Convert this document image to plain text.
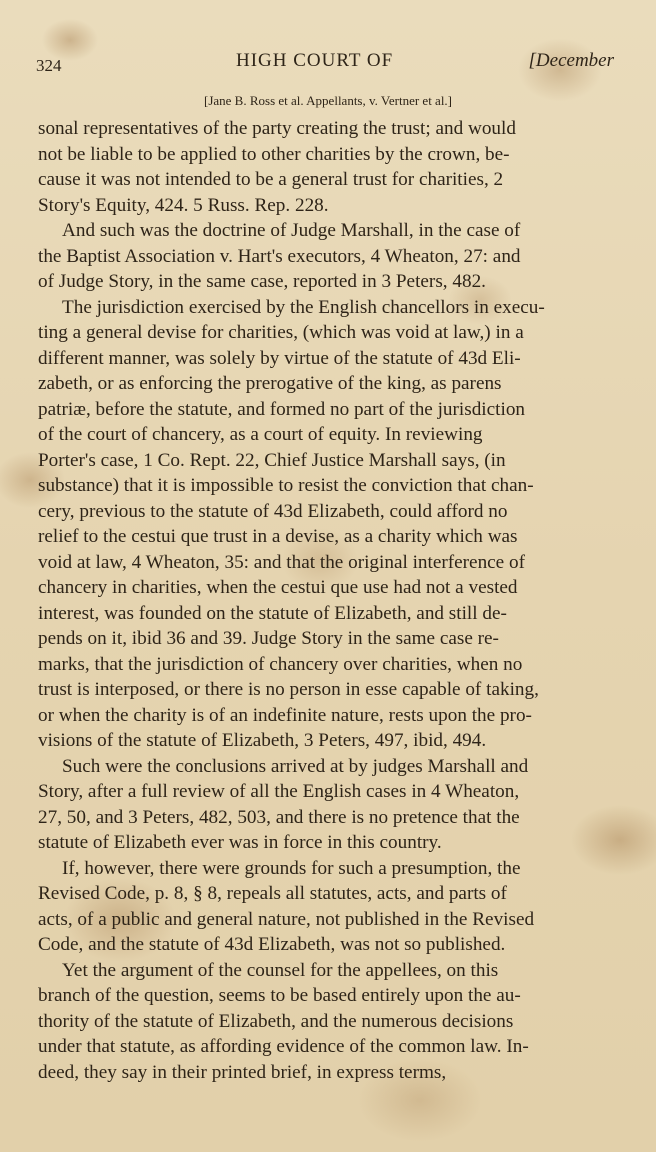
324	HIGH COURT OF	[December
[Jane B. Ross et al. Appellants, v. Vertner et al.]
sonal representatives of the party creating the trust; and would
not be liable to be applied to other charities by the crown, be-
cause it was not intended to be a general trust for charities, 2
Story's Equity, 424. 5 Russ. Rep. 228.
And such was the doctrine of Judge Marshall, in the case of
the Baptist Association v. Hart's executors, 4 Wheaton, 27: and
of Judge Story, in the same case, reported in 3 Peters, 482.
The jurisdiction exercised by the English chancellors in execu-
ting a general devise for charities, (which was void at law,) in a
different manner, was solely by virtue of the statute of 43d Eli-
zabeth, or as enforcing the prerogative of the king, as parens
patriæ, before the statute, and formed no part of the jurisdiction
of the court of chancery, as a court of equity. In reviewing
Porter's case, 1 Co. Rept. 22, Chief Justice Marshall says, (in
substance) that it is impossible to resist the conviction that chan-
cery, previous to the statute of 43d Elizabeth, could afford no
relief to the cestui que trust in a devise, as a charity which was
void at law, 4 Wheaton, 35: and that the original interference of
chancery in charities, when the cestui que use had not a vested
interest, was founded on the statute of Elizabeth, and still de-
pends on it, ibid 36 and 39. Judge Story in the same case re-
marks, that the jurisdiction of chancery over charities, when no
trust is interposed, or there is no person in esse capable of taking,
or when the charity is of an indefinite nature, rests upon the pro-
visions of the statute of Elizabeth, 3 Peters, 497, ibid, 494.
Such were the conclusions arrived at by judges Marshall and
Story, after a full review of all the English cases in 4 Wheaton,
27, 50, and 3 Peters, 482, 503, and there is no pretence that the
statute of Elizabeth ever was in force in this country.
If, however, there were grounds for such a presumption, the
Revised Code, p. 8, § 8, repeals all statutes, acts, and parts of
acts, of a public and general nature, not published in the Revised
Code, and the statute of 43d Elizabeth, was not so published.
Yet the argument of the counsel for the appellees, on this
branch of the question, seems to be based entirely upon the au-
thority of the statute of Elizabeth, and the numerous decisions
under that statute, as affording evidence of the common law. In-
deed, they say in their printed brief, in express terms,
